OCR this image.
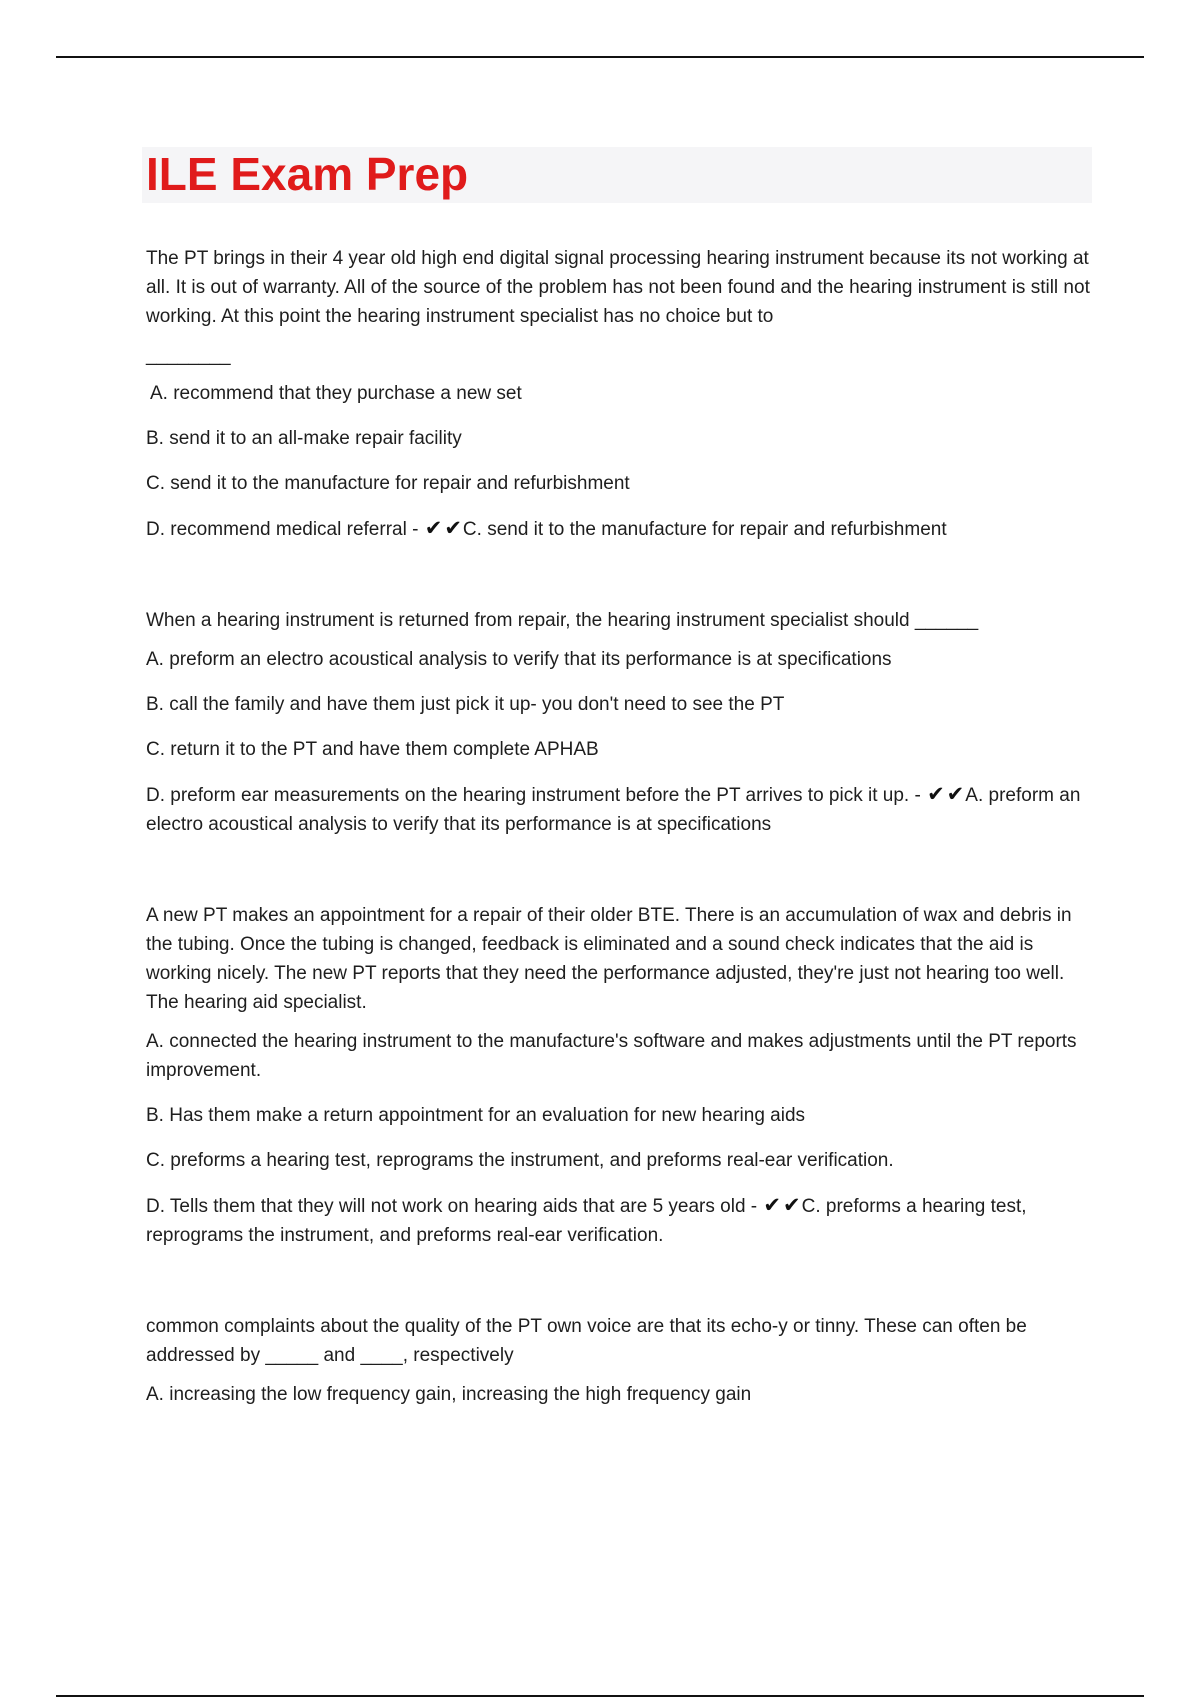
ILE Exam Prep

The PT brings in their 4 year old high end digital signal processing hearing instrument because its not working at all. It is out of warranty. All of the source of the problem has not been found and the hearing instrument is still not working. At this point the hearing instrument specialist has no choice but to

________

A. recommend that they purchase a new set

B. send it to an all-make repair facility

C. send it to the manufacture for repair and refurbishment

D. recommend medical referral - ✔✔C. send it to the manufacture for repair and refurbishment

When a hearing instrument is returned from repair, the hearing instrument specialist should ______

A. preform an electro acoustical analysis to verify that its performance is at specifications

B. call the family and have them just pick it up- you don't need to see the PT

C. return it to the PT and have them complete APHAB

D. preform ear measurements on the hearing instrument before the PT arrives to pick it up. - ✔✔A. preform an electro acoustical analysis to verify that its performance is at specifications

A new PT makes an appointment for a repair of their older BTE. There is an accumulation of wax and debris in the tubing. Once the tubing is changed, feedback is eliminated and a sound check indicates that the aid is working nicely. The new PT reports that they need the performance adjusted, they're just not hearing too well. The hearing aid specialist.

A. connected the hearing instrument to the manufacture's software and makes adjustments until the PT reports improvement.

B. Has them make a return appointment for an evaluation for new hearing aids

C. preforms a hearing test, reprograms the instrument, and preforms real-ear verification.

D. Tells them that they will not work on hearing aids that are 5 years old - ✔✔C. preforms a hearing test, reprograms the instrument, and preforms real-ear verification.

common complaints about the quality of the PT own voice are that its echo-y or tinny. These can often be addressed by _____ and ____, respectively

A. increasing the low frequency gain, increasing the high frequency gain
